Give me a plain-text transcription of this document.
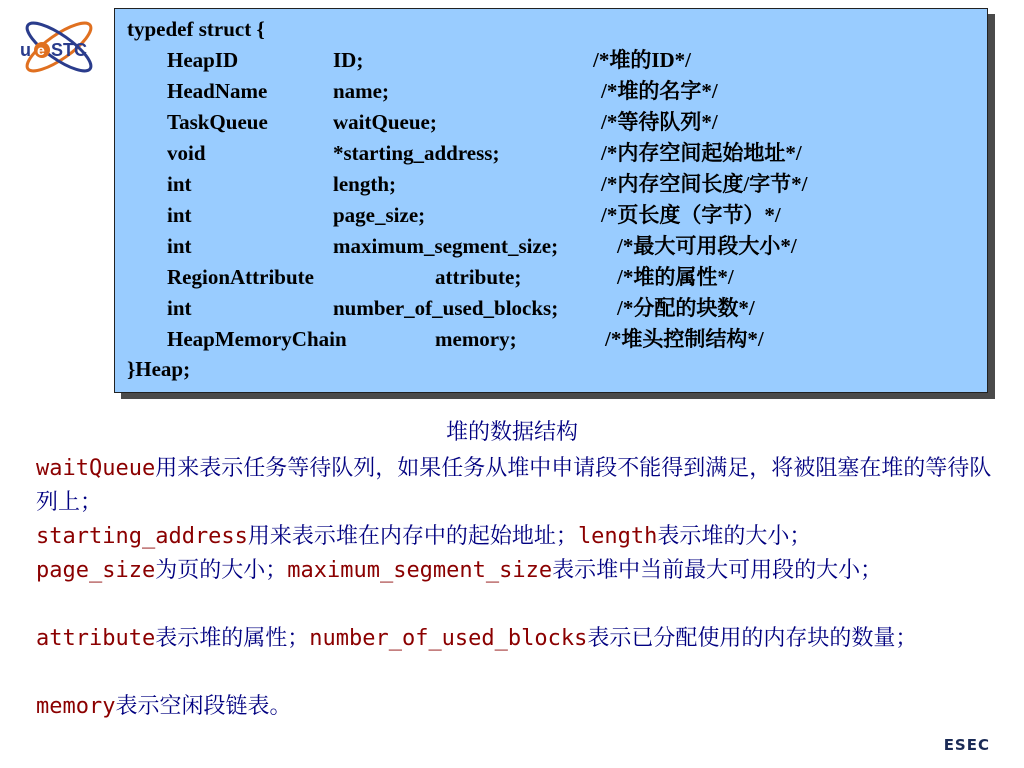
u e STC
typedef struct {
HeapID	ID;	/*堆的ID*/
HeadName	name;	/*堆的名字*/
TaskQueue	waitQueue;	/*等待队列*/
void	*starting_address;	/*内存空间起始地址*/
int	length;	/*内存空间长度/字节*/
int	page_size;	/*页长度（字节）*/
int	maximum_segment_size;	/*最大可用段大小*/
RegionAttribute	attribute;	/*堆的属性*/
int	number_of_used_blocks;	/*分配的块数*/
HeapMemoryChain	memory;	/*堆头控制结构*/
}Heap;
堆的数据结构
waitQueue用来表示任务等待队列，如果任务从堆中申请段不能得到满足，将被阻塞在堆的等待队列上；
starting_address用来表示堆在内存中的起始地址；length表示堆的大小；
page_size为页的大小；maximum_segment_size表示堆中当前最大可用段的大小；
attribute表示堆的属性；number_of_used_blocks表示已分配使用的内存块的数量；
memory表示空闲段链表。
ESEC
